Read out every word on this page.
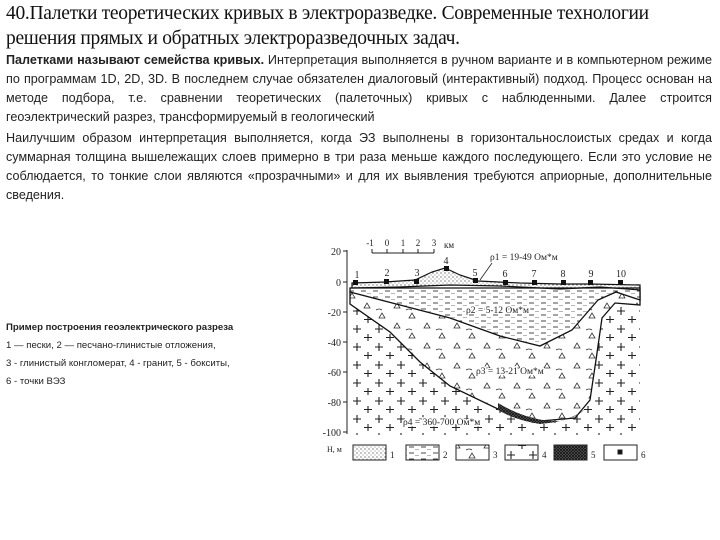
40.Палетки теоретических кривых в электроразведке. Современные технологии решения прямых и обратных электроразведочных задач.
Палетками называют семейства кривых. Интерпретация выполняется в ручном варианте и в компьютерном режиме по программам 1D, 2D, 3D. В последнем случае обязателен диалоговый (интерактивный) подход. Процесс основан на методе подбора, т.е. сравнении теоретических (палеточных) кривых с наблюденными. Далее строится геоэлектрический разрез, трансформируемый в геологический
Наилучшим образом интерпретация выполняется, когда ЭЗ выполнены в горизонтальнослоистых средах и когда суммарная толщина вышележащих слоев примерно в три раза меньше каждого последующего. Если это условие не соблюдается, то тонкие слои являются «прозрачными» и для их выявления требуются априорные, дополнительные сведения.
Пример построения геоэлектрического разреза
1 — пески, 2 — песчано-глинистые отложения,
3 - глинистый конгломерат, 4 - гранит, 5 - бокситы,
6 - точки ВЭЗ
20
0
-20
-40
-60
-80
-100
H, м
-1 0 1 2 3 км
1	2	3
4
5	6 7 8 9 10
ρ1 = 19-49 Ом*м
ρ2 = 5-12 Ом*м
ρ3 = 13-21 Ом*м
ρ4 = 360-700 Ом*м
1	2	3	4	5	6
